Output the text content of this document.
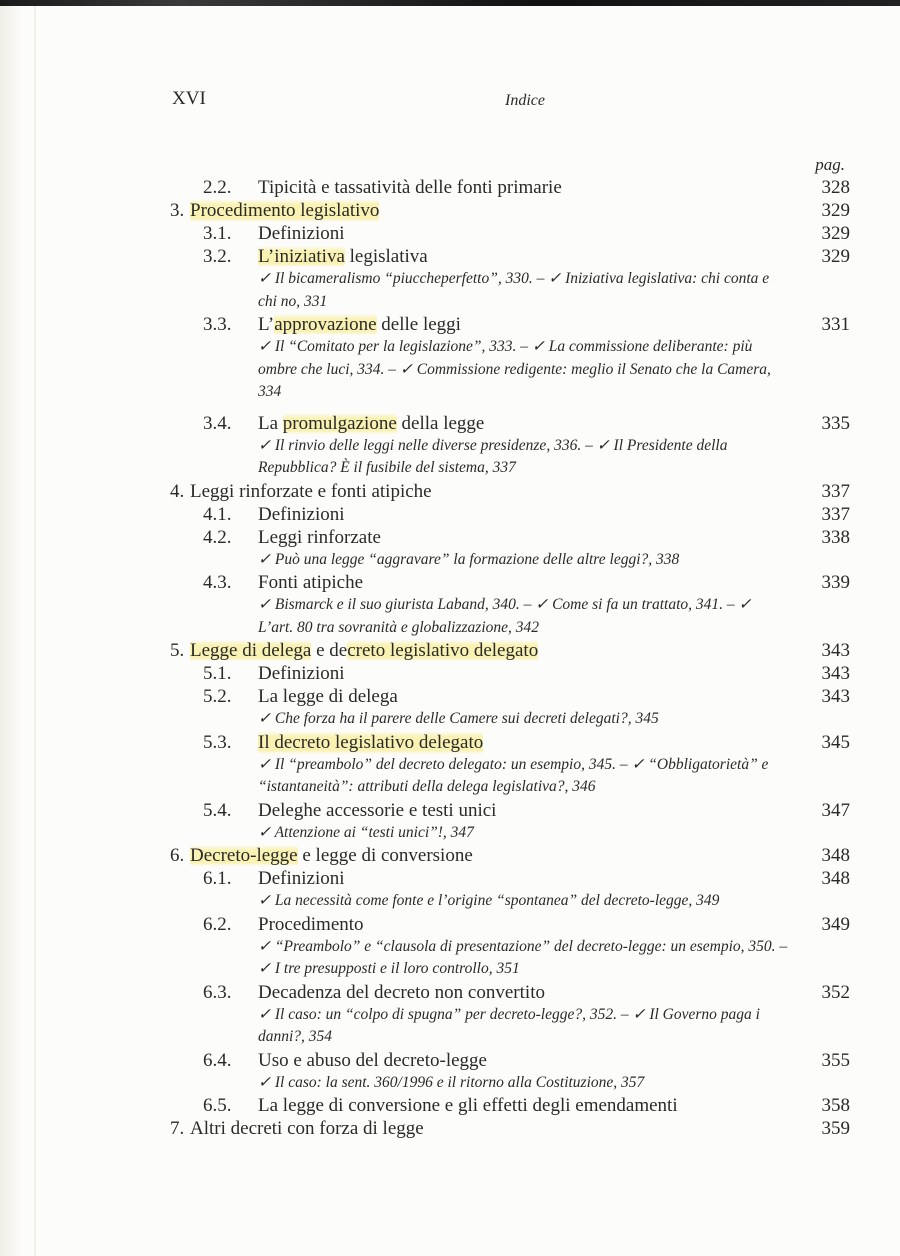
XVI	Indice
pag.
2.2. Tipicità e tassatività delle fonti primarie	328
3. Procedimento legislativo	329
3.1. Definizioni	329
3.2. L’iniziativa legislativa	329
✓ Il bicameralismo “piuccheperfetto”, 330. – ✓ Iniziativa legislativa: chi conta e chi no, 331
3.3. L’approvazione delle leggi	331
✓ Il “Comitato per la legislazione”, 333. – ✓ La commissione deliberante: più ombre che luci, 334. – ✓ Commissione redigente: meglio il Senato che la Camera, 334
3.4. La promulgazione della legge	335
✓ Il rinvio delle leggi nelle diverse presidenze, 336. – ✓ Il Presidente della Repubblica? È il fusibile del sistema, 337
4. Leggi rinforzate e fonti atipiche	337
4.1. Definizioni	337
4.2. Leggi rinforzate	338
✓ Può una legge “aggravare” la formazione delle altre leggi?, 338
4.3. Fonti atipiche	339
✓ Bismarck e il suo giurista Laband, 340. – ✓ Come si fa un trattato, 341. – ✓ L’art. 80 tra sovranità e globalizzazione, 342
5. Legge di delega e decreto legislativo delegato	343
5.1. Definizioni	343
5.2. La legge di delega	343
✓ Che forza ha il parere delle Camere sui decreti delegati?, 345
5.3. Il decreto legislativo delegato	345
✓ Il “preambolo” del decreto delegato: un esempio, 345. – ✓ “Obbligatorietà” e “istantaneità”: attributi della delega legislativa?, 346
5.4. Deleghe accessorie e testi unici	347
✓ Attenzione ai “testi unici”!, 347
6. Decreto-legge e legge di conversione	348
6.1. Definizioni	348
✓ La necessità come fonte e l’origine “spontanea” del decreto-legge, 349
6.2. Procedimento	349
✓ “Preambolo” e “clausola di presentazione” del decreto-legge: un esempio, 350. – ✓ I tre presupposti e il loro controllo, 351
6.3. Decadenza del decreto non convertito	352
✓ Il caso: un “colpo di spugna” per decreto-legge?, 352. – ✓ Il Governo paga i danni?, 354
6.4. Uso e abuso del decreto-legge	355
✓ Il caso: la sent. 360/1996 e il ritorno alla Costituzione, 357
6.5. La legge di conversione e gli effetti degli emendamenti	358
7. Altri decreti con forza di legge	359
